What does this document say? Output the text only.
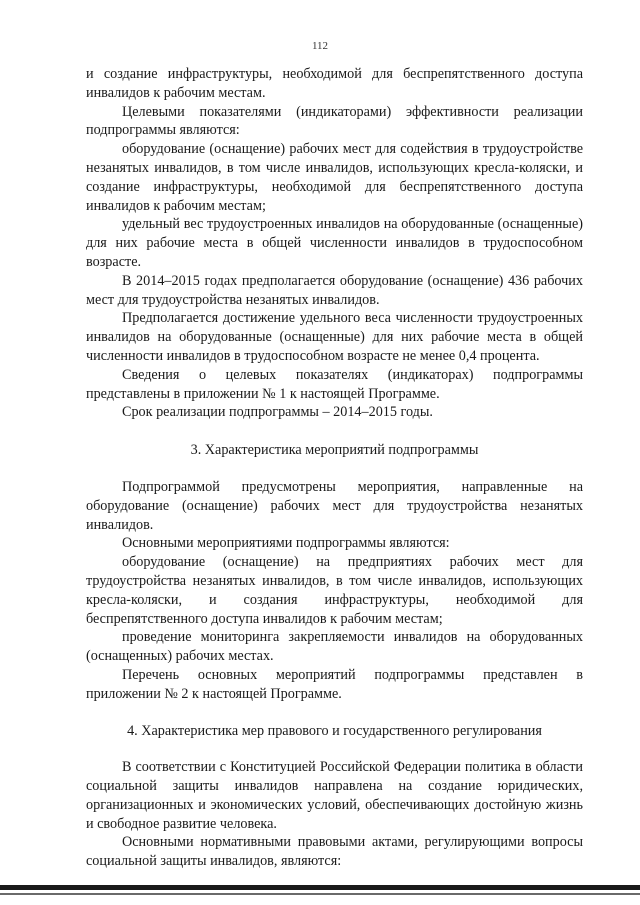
112

и создание инфраструктуры, необходимой для беспрепятственного доступа инвалидов к рабочим местам.

Целевыми показателями (индикаторами) эффективности реализации подпрограммы являются:

оборудование (оснащение) рабочих мест для содействия в трудоустройстве незанятых инвалидов, в том числе инвалидов, использующих кресла-коляски, и создание инфраструктуры, необходимой для беспрепятственного доступа инвалидов к рабочим местам;

удельный вес трудоустроенных инвалидов на оборудованные (оснащенные) для них рабочие места в общей численности инвалидов в трудоспособном возрасте.

В 2014–2015 годах предполагается оборудование (оснащение) 436 рабочих мест для трудоустройства незанятых инвалидов.

Предполагается достижение удельного веса численности трудоустроенных инвалидов на оборудованные (оснащенные) для них рабочие места в общей численности инвалидов в трудоспособном возрасте не менее 0,4 процента.

Сведения о целевых показателях (индикаторах) подпрограммы представлены в приложении № 1 к настоящей Программе.

Срок реализации подпрограммы – 2014–2015 годы.

3. Характеристика мероприятий подпрограммы

Подпрограммой предусмотрены мероприятия, направленные на оборудование (оснащение) рабочих мест для трудоустройства незанятых инвалидов.

Основными мероприятиями подпрограммы являются:

оборудование (оснащение) на предприятиях рабочих мест для трудоустройства незанятых инвалидов, в том числе инвалидов, использующих кресла-коляски, и создания инфраструктуры, необходимой для беспрепятственного доступа инвалидов к рабочим местам;

проведение мониторинга закрепляемости инвалидов на оборудованных (оснащенных) рабочих местах.

Перечень основных мероприятий подпрограммы представлен в приложении № 2 к настоящей Программе.

4. Характеристика мер правового и государственного регулирования

В соответствии с Конституцией Российской Федерации политика в области социальной защиты инвалидов направлена на создание юридических, организационных и экономических условий, обеспечивающих достойную жизнь и свободное развитие человека.

Основными нормативными правовыми актами, регулирующими вопросы социальной защиты инвалидов, являются:
